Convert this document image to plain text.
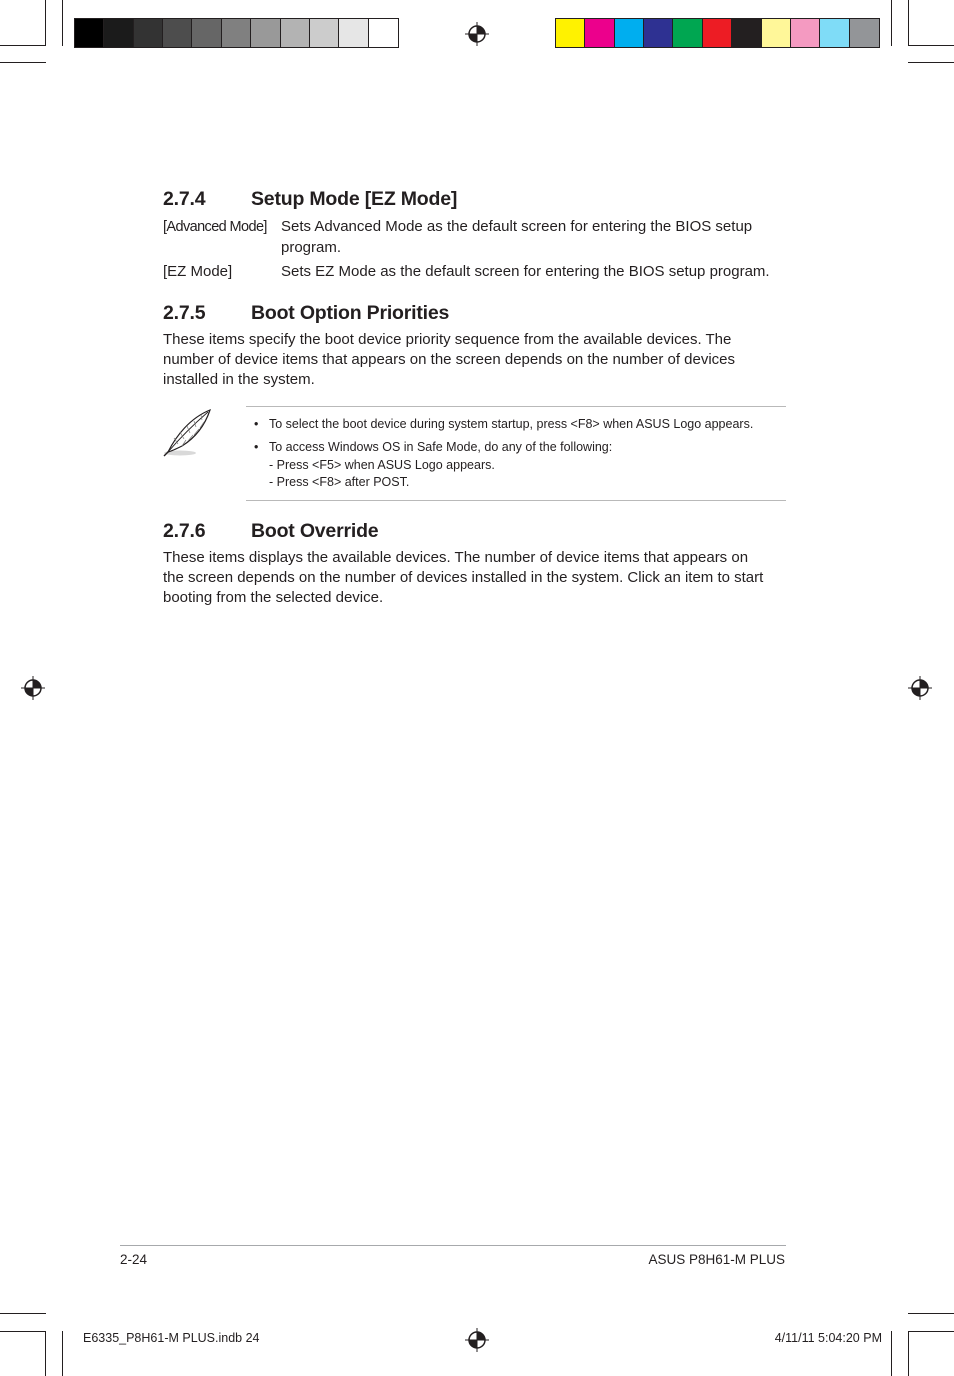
2.7.4 Setup Mode [EZ Mode]
[Advanced Mode] Sets Advanced Mode as the default screen for entering the BIOS setup
program.
[EZ Mode]	Sets EZ Mode as the default screen for entering the BIOS setup program.
2.7.5 Boot Option Priorities
These items specify the boot device priority sequence from the available devices. The
number of device items that appears on the screen depends on the number of devices
installed in the system.
• To select the boot device during system startup, press <F8> when ASUS Logo appears.
• To access Windows OS in Safe Mode, do any of the following:
- Press <F5> when ASUS Logo appears.
- Press <F8> after POST.
2.7.6 Boot Override
These items displays the available devices. The number of device items that appears on
the screen depends on the number of devices installed in the system. Click an item to start
booting from the selected device.
2-24	ASUS P8H61-M PLUS
E6335_P8H61-M PLUS.indb 24	4/11/11 5:04:20 PM
